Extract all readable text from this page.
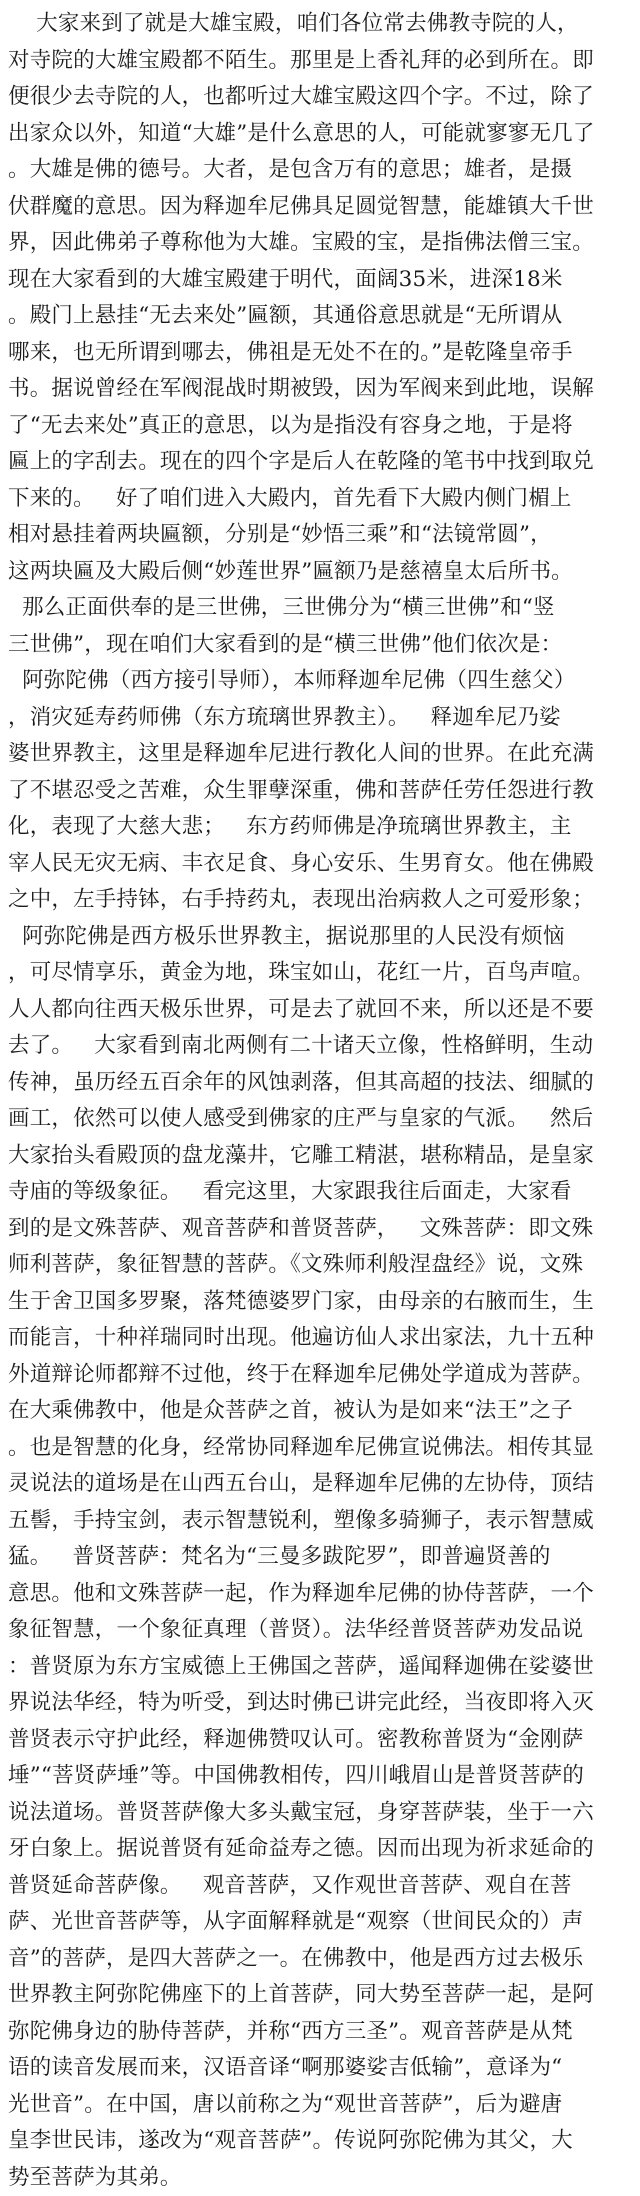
大家来到了就是大雄宝殿，咱们各位常去佛教寺院的人，
对寺院的大雄宝殿都不陌生。那里是上香礼拜的必到所在。即
便很少去寺院的人，也都听过大雄宝殿这四个字。不过，除了
出家众以外，知道“大雄”是什么意思的人，可能就寥寥无几了
。大雄是佛的德号。大者，是包含万有的意思；雄者，是摄
伏群魔的意思。因为释迦牟尼佛具足圆觉智慧，能雄镇大千世
界，因此佛弟子尊称他为大雄。宝殿的宝，是指佛法僧三宝。
现在大家看到的大雄宝殿建于明代，面阔35米，进深18米
。殿门上悬挂“无去来处”匾额，其通俗意思就是“无所谓从
哪来，也无所谓到哪去，佛祖是无处不在的。”是乾隆皇帝手
书。据说曾经在军阀混战时期被毁，因为军阀来到此地，误解
了“无去来处”真正的意思，以为是指没有容身之地，于是将
匾上的字刮去。现在的四个字是后人在乾隆的笔书中找到取兑
下来的。   好了咱们进入大殿内，首先看下大殿内侧门楣上
相对悬挂着两块匾额，分别是“妙悟三乘”和“法镜常圆”，
这两块匾及大殿后侧“妙莲世界”匾额乃是慈禧皇太后所书。
那么正面供奉的是三世佛，三世佛分为“横三世佛”和“竖
三世佛”，现在咱们大家看到的是“横三世佛”他们依次是：
阿弥陀佛（西方接引导师），本师释迦牟尼佛（四生慈父）
，消灾延寿药师佛（东方琉璃世界教主）。   释迦牟尼乃娑
婆世界教主，这里是释迦牟尼进行教化人间的世界。在此充满
了不堪忍受之苦难，众生罪孽深重，佛和菩萨任劳任怨进行教
化，表现了大慈大悲；   东方药师佛是净琉璃世界教主，主
宰人民无灾无病、丰衣足食、身心安乐、生男育女。他在佛殿
之中，左手持钵，右手持药丸，表现出治病救人之可爱形象；
阿弥陀佛是西方极乐世界教主，据说那里的人民没有烦恼
，可尽情享乐，黄金为地，珠宝如山，花红一片，百鸟声喧。
人人都向往西天极乐世界，可是去了就回不来，所以还是不要
去了。   大家看到南北两侧有二十诸天立像，性格鲜明，生动
传神，虽历经五百余年的风蚀剥落，但其高超的技法、细腻的
画工，依然可以使人感受到佛家的庄严与皇家的气派。   然后
大家抬头看殿顶的盘龙藻井，它雕工精湛，堪称精品，是皇家
寺庙的等级象征。   看完这里，大家跟我往后面走，大家看
到的是文殊菩萨、观音菩萨和普贤菩萨，   文殊菩萨：即文殊
师利菩萨，象征智慧的菩萨。《文殊师利般涅盘经》说，文殊
生于舍卫国多罗聚，落梵德婆罗门家，由母亲的右腋而生，生
而能言，十种祥瑞同时出现。他遍访仙人求出家法，九十五种
外道辩论师都辩不过他，终于在释迦牟尼佛处学道成为菩萨。
在大乘佛教中，他是众菩萨之首，被认为是如来“法王”之子
。也是智慧的化身，经常协同释迦牟尼佛宣说佛法。相传其显
灵说法的道场是在山西五台山，是释迦牟尼佛的左协侍，顶结
五髻，手持宝剑，表示智慧锐利，塑像多骑狮子，表示智慧威
猛。   普贤菩萨：梵名为“三曼多跋陀罗”，即普遍贤善的
意思。他和文殊菩萨一起，作为释迦牟尼佛的协侍菩萨，一个
象征智慧，一个象征真理（普贤）。法华经普贤菩萨劝发品说
：普贤原为东方宝威德上王佛国之菩萨，遥闻释迦佛在娑婆世
界说法华经，特为听受，到达时佛已讲完此经，当夜即将入灭
普贤表示守护此经，释迦佛赞叹认可。密教称普贤为“金刚萨
埵”“菩贤萨埵”等。中国佛教相传，四川峨眉山是普贤菩萨的
说法道场。普贤菩萨像大多头戴宝冠，身穿菩萨装，坐于一六
牙白象上。据说普贤有延命益寿之德。因而出现为祈求延命的
普贤延命菩萨像。   观音菩萨，又作观世音菩萨、观自在菩
萨、光世音菩萨等，从字面解释就是“观察（世间民众的）声
音”的菩萨，是四大菩萨之一。在佛教中，他是西方过去极乐
世界教主阿弥陀佛座下的上首菩萨，同大势至菩萨一起，是阿
弥陀佛身边的胁侍菩萨，并称“西方三圣”。观音菩萨是从梵
语的读音发展而来，汉语音译“啊那婆娑吉低输”，意译为“
光世音”。在中国，唐以前称之为“观世音菩萨”，后为避唐
皇李世民讳，遂改为“观音菩萨”。传说阿弥陀佛为其父，大
势至菩萨为其弟。
